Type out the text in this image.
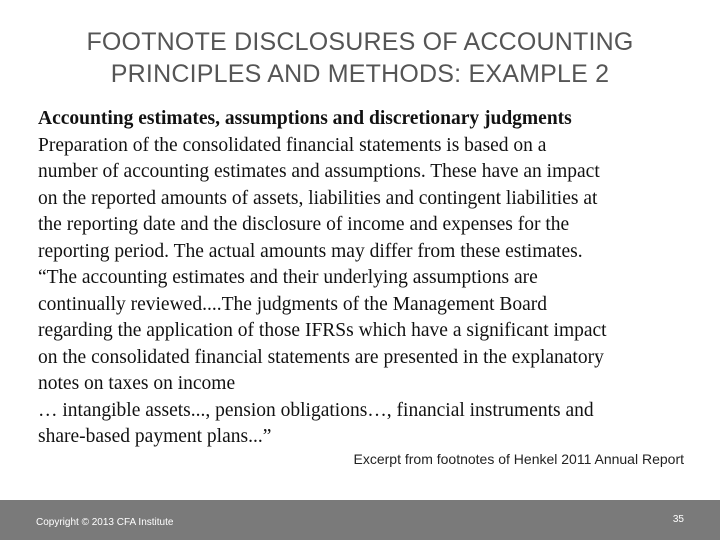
FOOTNOTE DISCLOSURES OF ACCOUNTING
PRINCIPLES AND METHODS: EXAMPLE 2
Accounting estimates, assumptions and discretionary judgments
Preparation of the consolidated financial statements is based on a
number of accounting estimates and assumptions. These have an impact
on the reported amounts of assets, liabilities and contingent liabilities at
the reporting date and the disclosure of income and expenses for the
reporting period. The actual amounts may differ from these estimates.
“The accounting estimates and their underlying assumptions are
continually reviewed....The judgments of the Management Board
regarding the application of those IFRSs which have a significant impact
on the consolidated financial statements are presented in the explanatory
notes on taxes on income
… intangible assets..., pension obligations…, financial instruments and
share-based payment plans...”
Excerpt from footnotes of Henkel 2011 Annual Report
Copyright © 2013 CFA Institute	35
